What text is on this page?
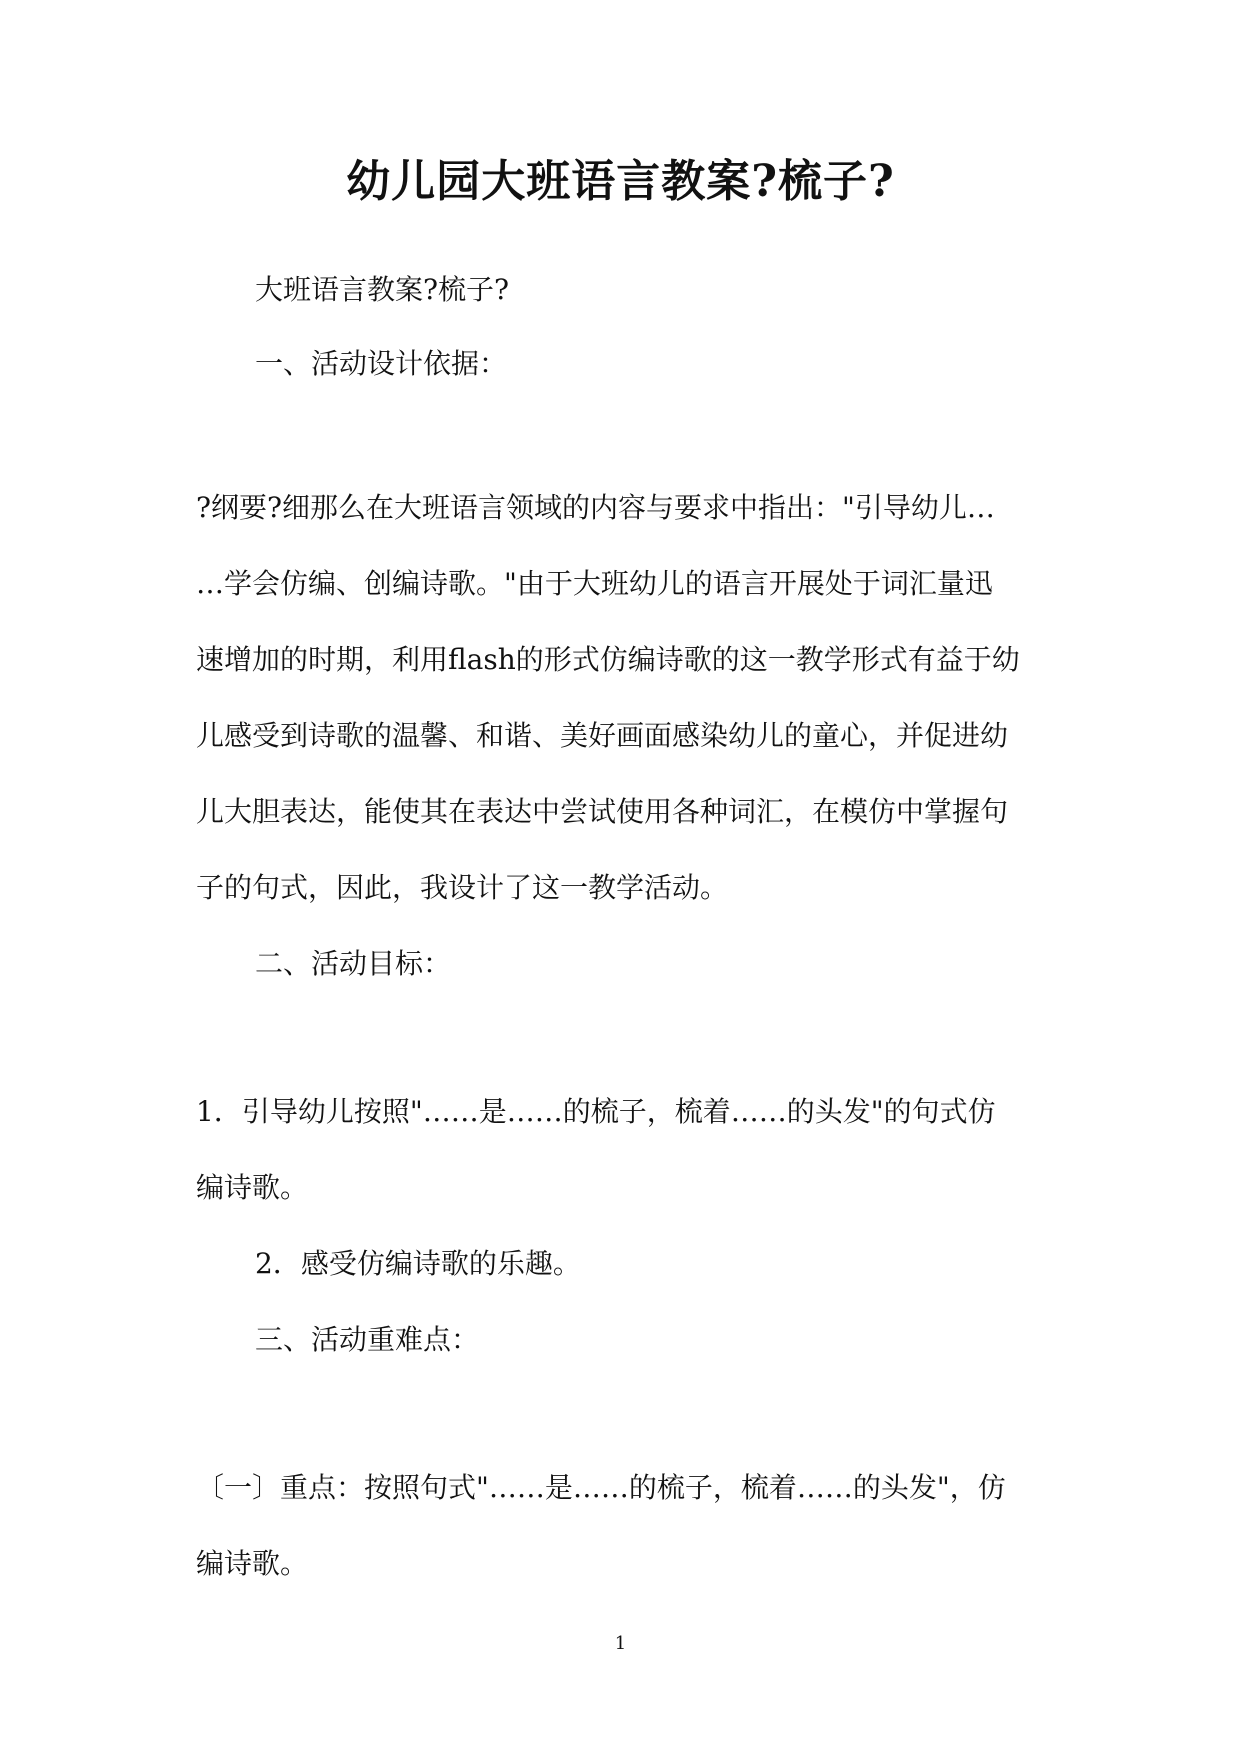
幼儿园大班语言教案?梳子?
大班语言教案?梳子?
一、活动设计依据：
?纲要?细那么在大班语言领域的内容与要求中指出："引导幼儿…
…学会仿编、创编诗歌。"由于大班幼儿的语言开展处于词汇量迅
速增加的时期，利用flash的形式仿编诗歌的这一教学形式有益于幼
儿感受到诗歌的温馨、和谐、美好画面感染幼儿的童心，并促进幼
儿大胆表达，能使其在表达中尝试使用各种词汇，在模仿中掌握句
子的句式，因此，我设计了这一教学活动。
二、活动目标：
1．引导幼儿按照"……是……的梳子，梳着……的头发"的句式仿
编诗歌。
2．感受仿编诗歌的乐趣。
三、活动重难点：
〔一〕重点：按照句式"……是……的梳子，梳着……的头发"，仿
编诗歌。
1
